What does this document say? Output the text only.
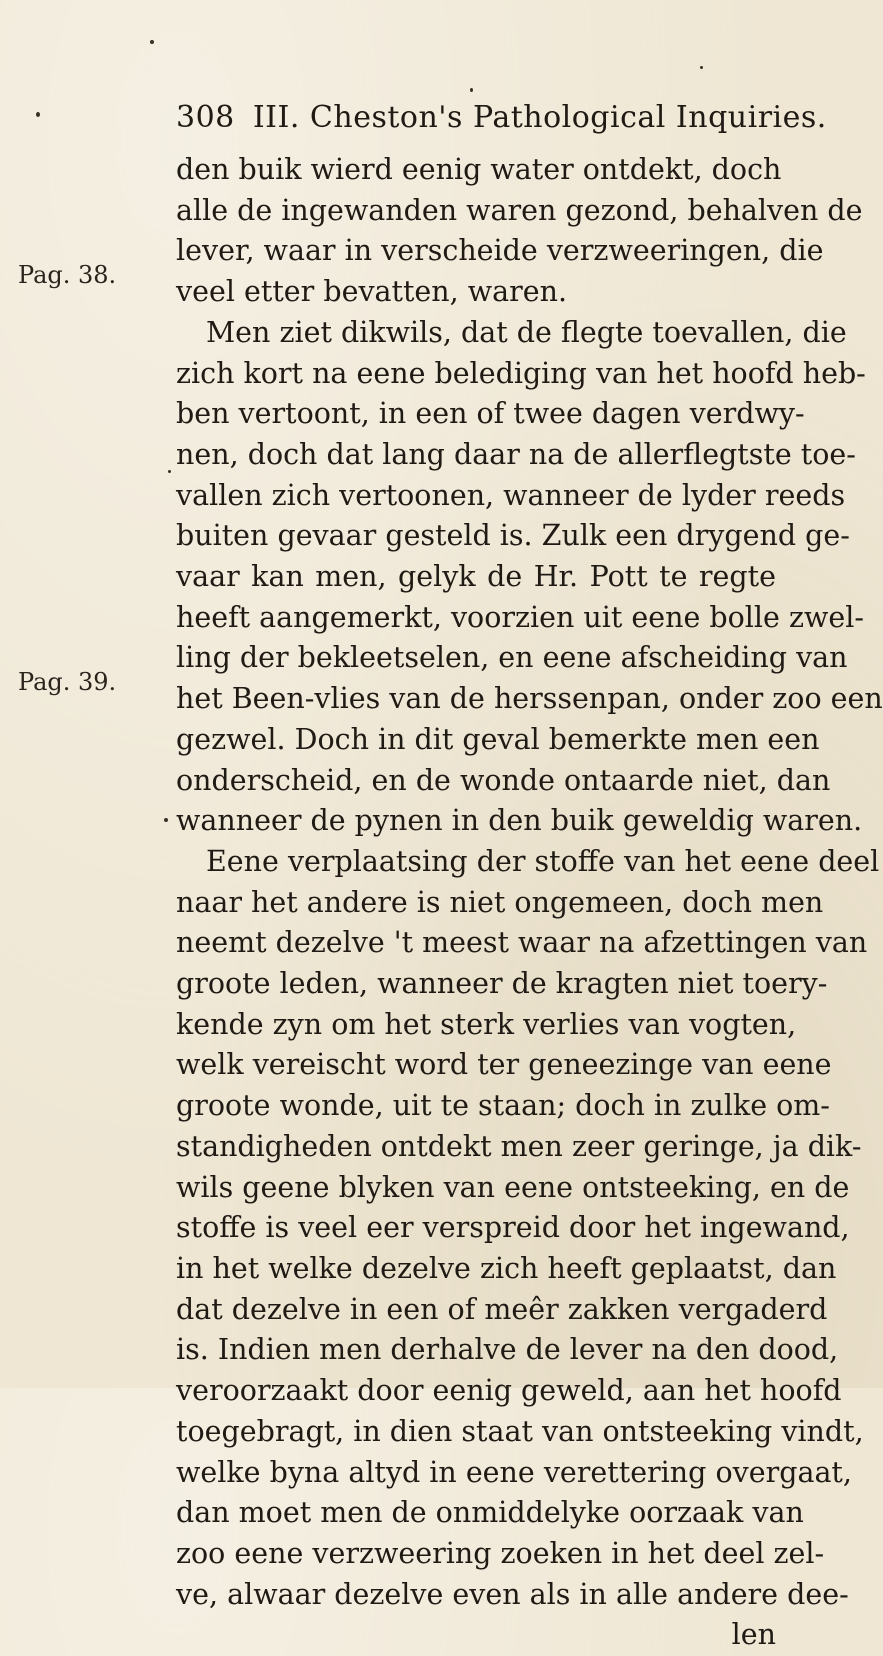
308 III. Cheston's Pathological Inquiries.
Pag. 38.
Pag. 39.
den buik wierd eenig water ontdekt, doch
alle de ingewanden waren gezond, behalven de
lever, waar in verscheide verzweeringen, die
veel etter bevatten, waren.
Men ziet dikwils, dat de flegte toevallen, die
zich kort na eene belediging van het hoofd heb-
ben vertoont, in een of twee dagen verdwy-
nen, doch dat lang daar na de allerflegtste toe-
vallen zich vertoonen, wanneer de lyder reeds
buiten gevaar gesteld is. Zulk een drygend ge-
vaar kan men, gelyk de Hr. Pott te regte
heeft aangemerkt, voorzien uit eene bolle zwel-
ling der bekleetselen, en eene afscheiding van
het Been-vlies van de herssenpan, onder zoo een
gezwel. Doch in dit geval bemerkte men een
onderscheid, en de wonde ontaarde niet, dan
wanneer de pynen in den buik geweldig waren.
Eene verplaatsing der stoffe van het eene deel
naar het andere is niet ongemeen, doch men
neemt dezelve 't meest waar na afzettingen van
groote leden, wanneer de kragten niet toery-
kende zyn om het sterk verlies van vogten,
welk vereischt word ter geneezinge van eene
groote wonde, uit te staan; doch in zulke om-
standigheden ontdekt men zeer geringe, ja dik-
wils geene blyken van eene ontsteeking, en de
stoffe is veel eer verspreid door het ingewand,
in het welke dezelve zich heeft geplaatst, dan
dat dezelve in een of meêr zakken vergaderd
is. Indien men derhalve de lever na den dood,
veroorzaakt door eenig geweld, aan het hoofd
toegebragt, in dien staat van ontsteeking vindt,
welke byna altyd in eene verettering overgaat,
dan moet men de onmiddelyke oorzaak van
zoo eene verzweering zoeken in het deel zel-
ve, alwaar dezelve even als in alle andere dee-
len
